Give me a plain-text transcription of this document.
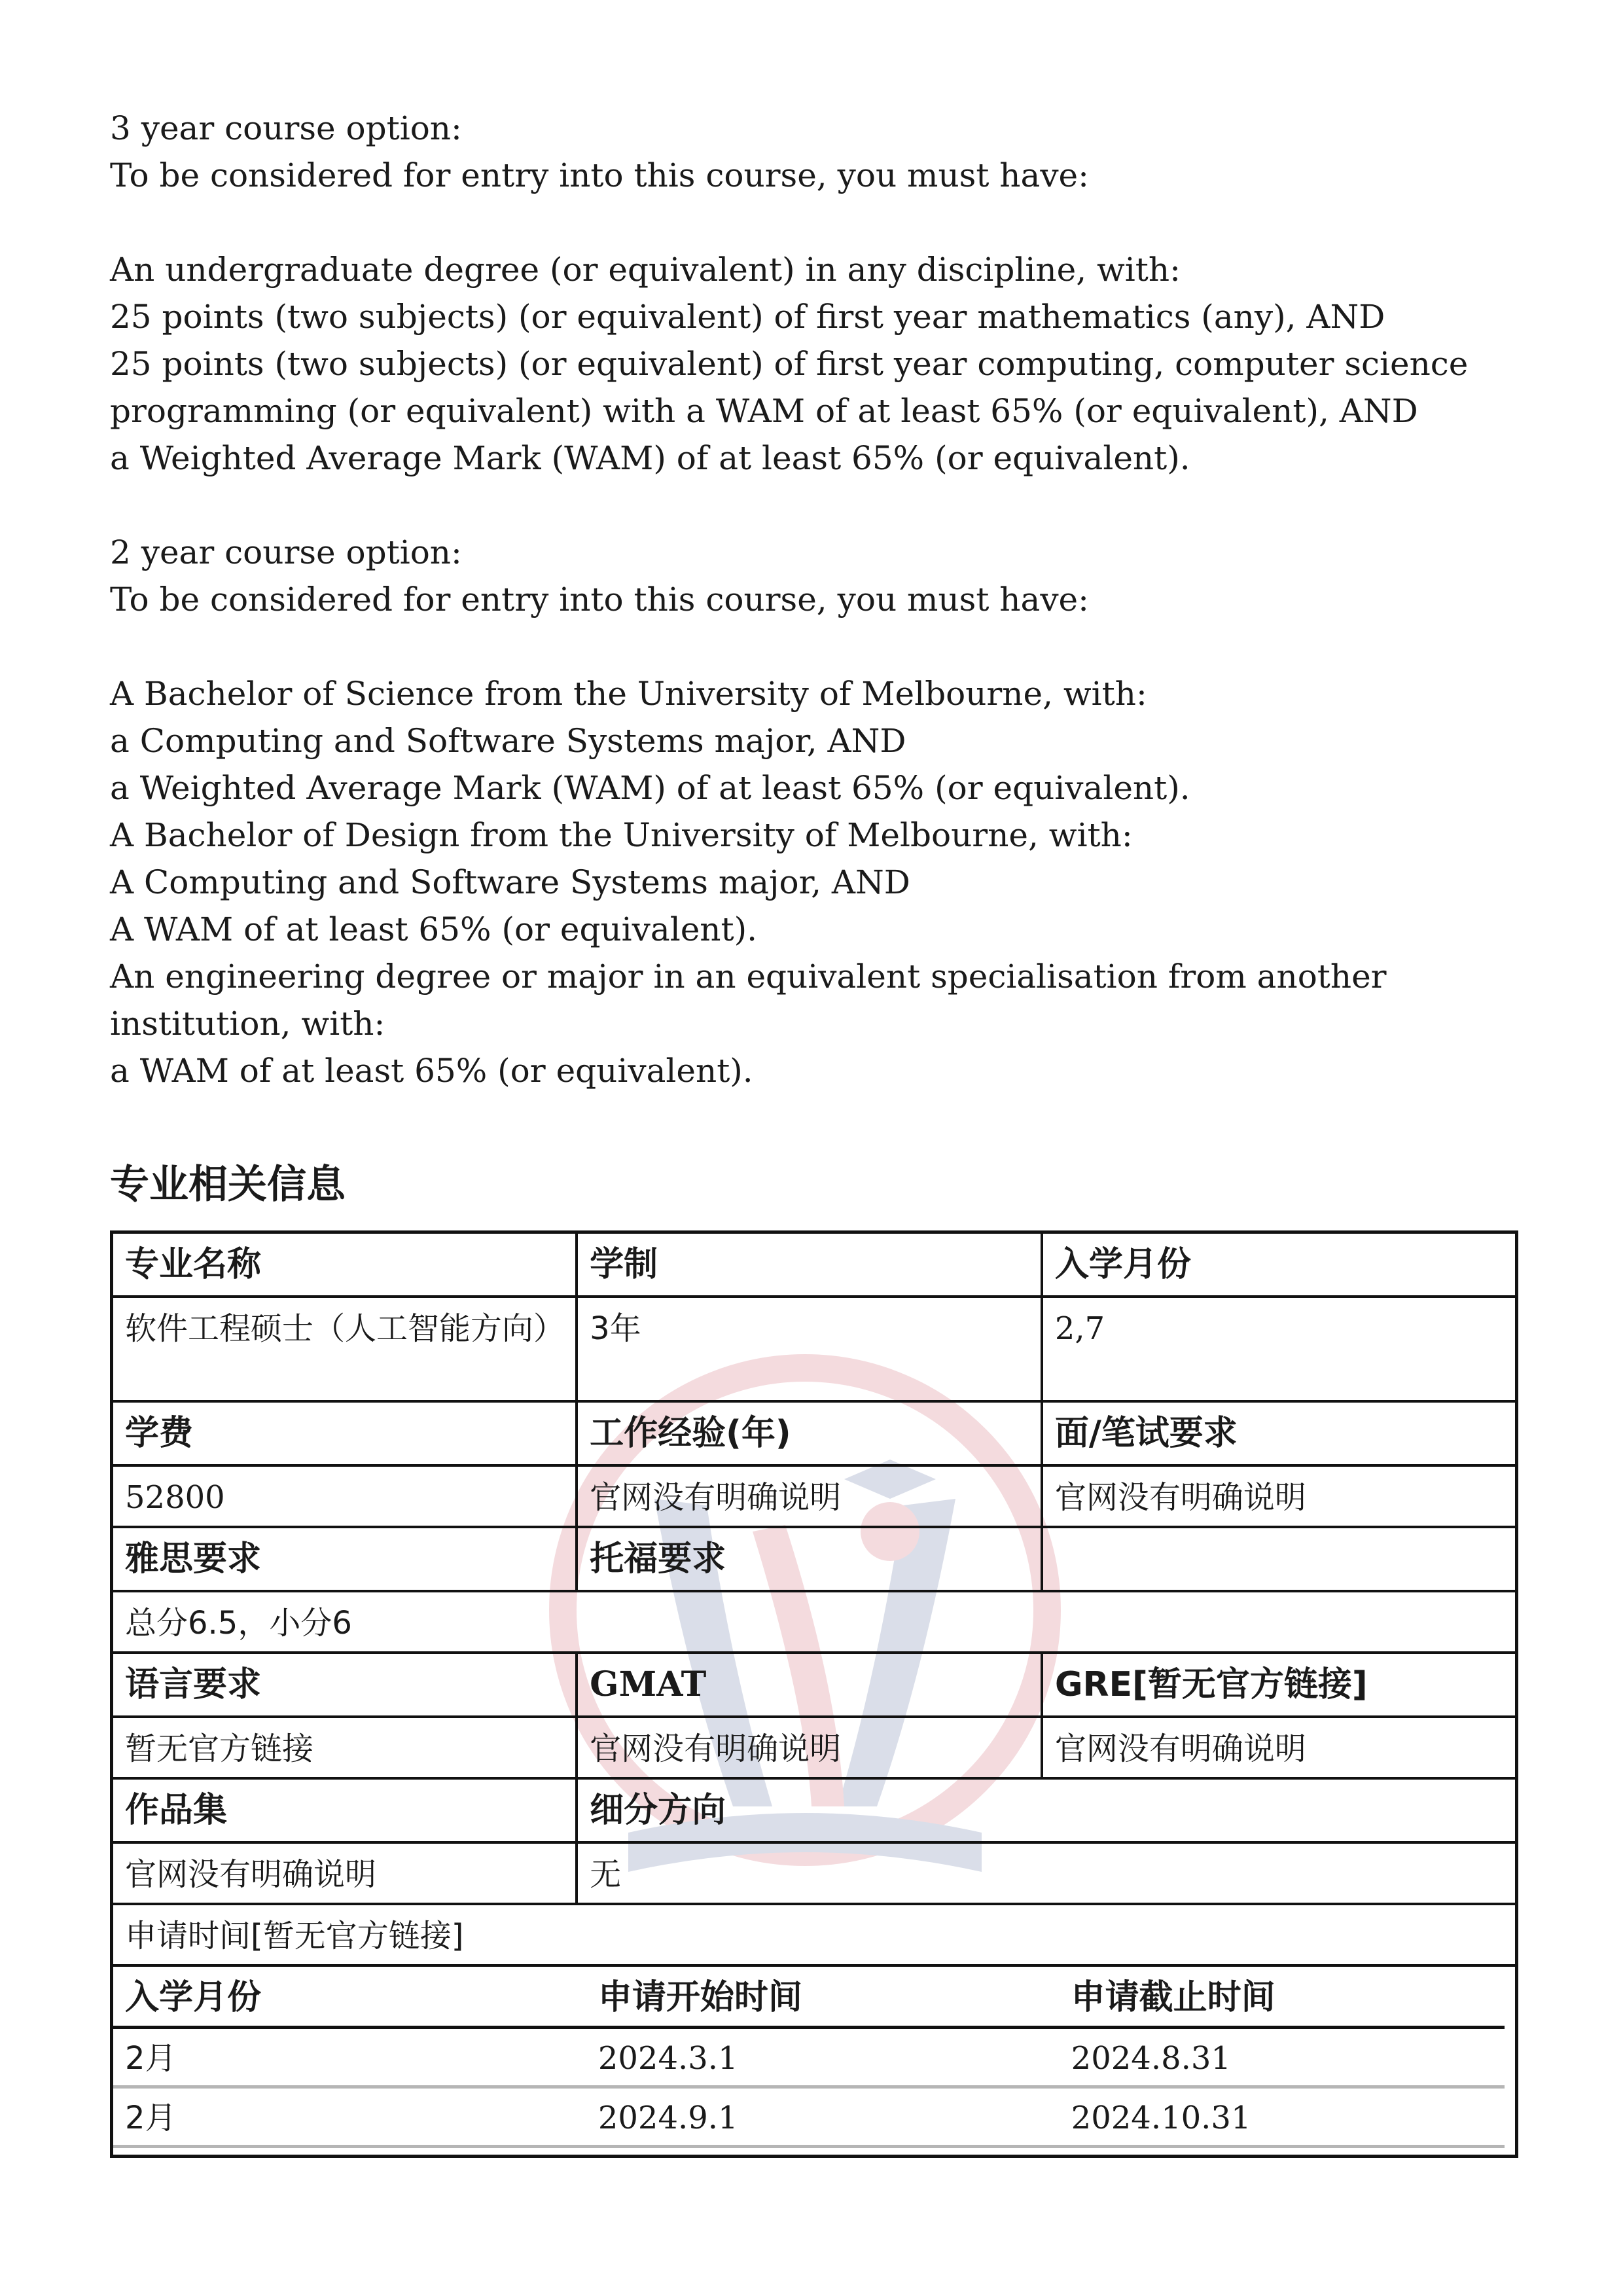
3 year course option:
To be considered for entry into this course, you must have:
An undergraduate degree (or equivalent) in any discipline, with:
25 points (two subjects) (or equivalent) of first year mathematics (any), AND
25 points (two subjects) (or equivalent) of first year computing, computer science
programming (or equivalent) with a WAM of at least 65% (or equivalent), AND
a Weighted Average Mark (WAM) of at least 65% (or equivalent).
2 year course option:
To be considered for entry into this course, you must have:
A Bachelor of Science from the University of Melbourne, with:
a Computing and Software Systems major, AND
a Weighted Average Mark (WAM) of at least 65% (or equivalent).
A Bachelor of Design from the University of Melbourne, with:
A Computing and Software Systems major, AND
A WAM of at least 65% (or equivalent).
An engineering degree or major in an equivalent specialisation from another institution, with:
a WAM of at least 65% (or equivalent).
专业相关信息
专业名称	学制	入学月份
软件工程硕士（人工智能方向）	3年	2,7
学费	工作经验(年)	面/笔试要求
52800	官网没有明确说明	官网没有明确说明
雅思要求	托福要求	
总分6.5，小分6
语言要求	GMAT	GRE[暂无官方链接]
暂无官方链接	官网没有明确说明	官网没有明确说明
作品集	细分方向
官网没有明确说明	无
申请时间[暂无官方链接]

入学月份	申请开始时间	申请截止时间
2月	2024.3.1	2024.8.31
2月	2024.9.1	2024.10.31
